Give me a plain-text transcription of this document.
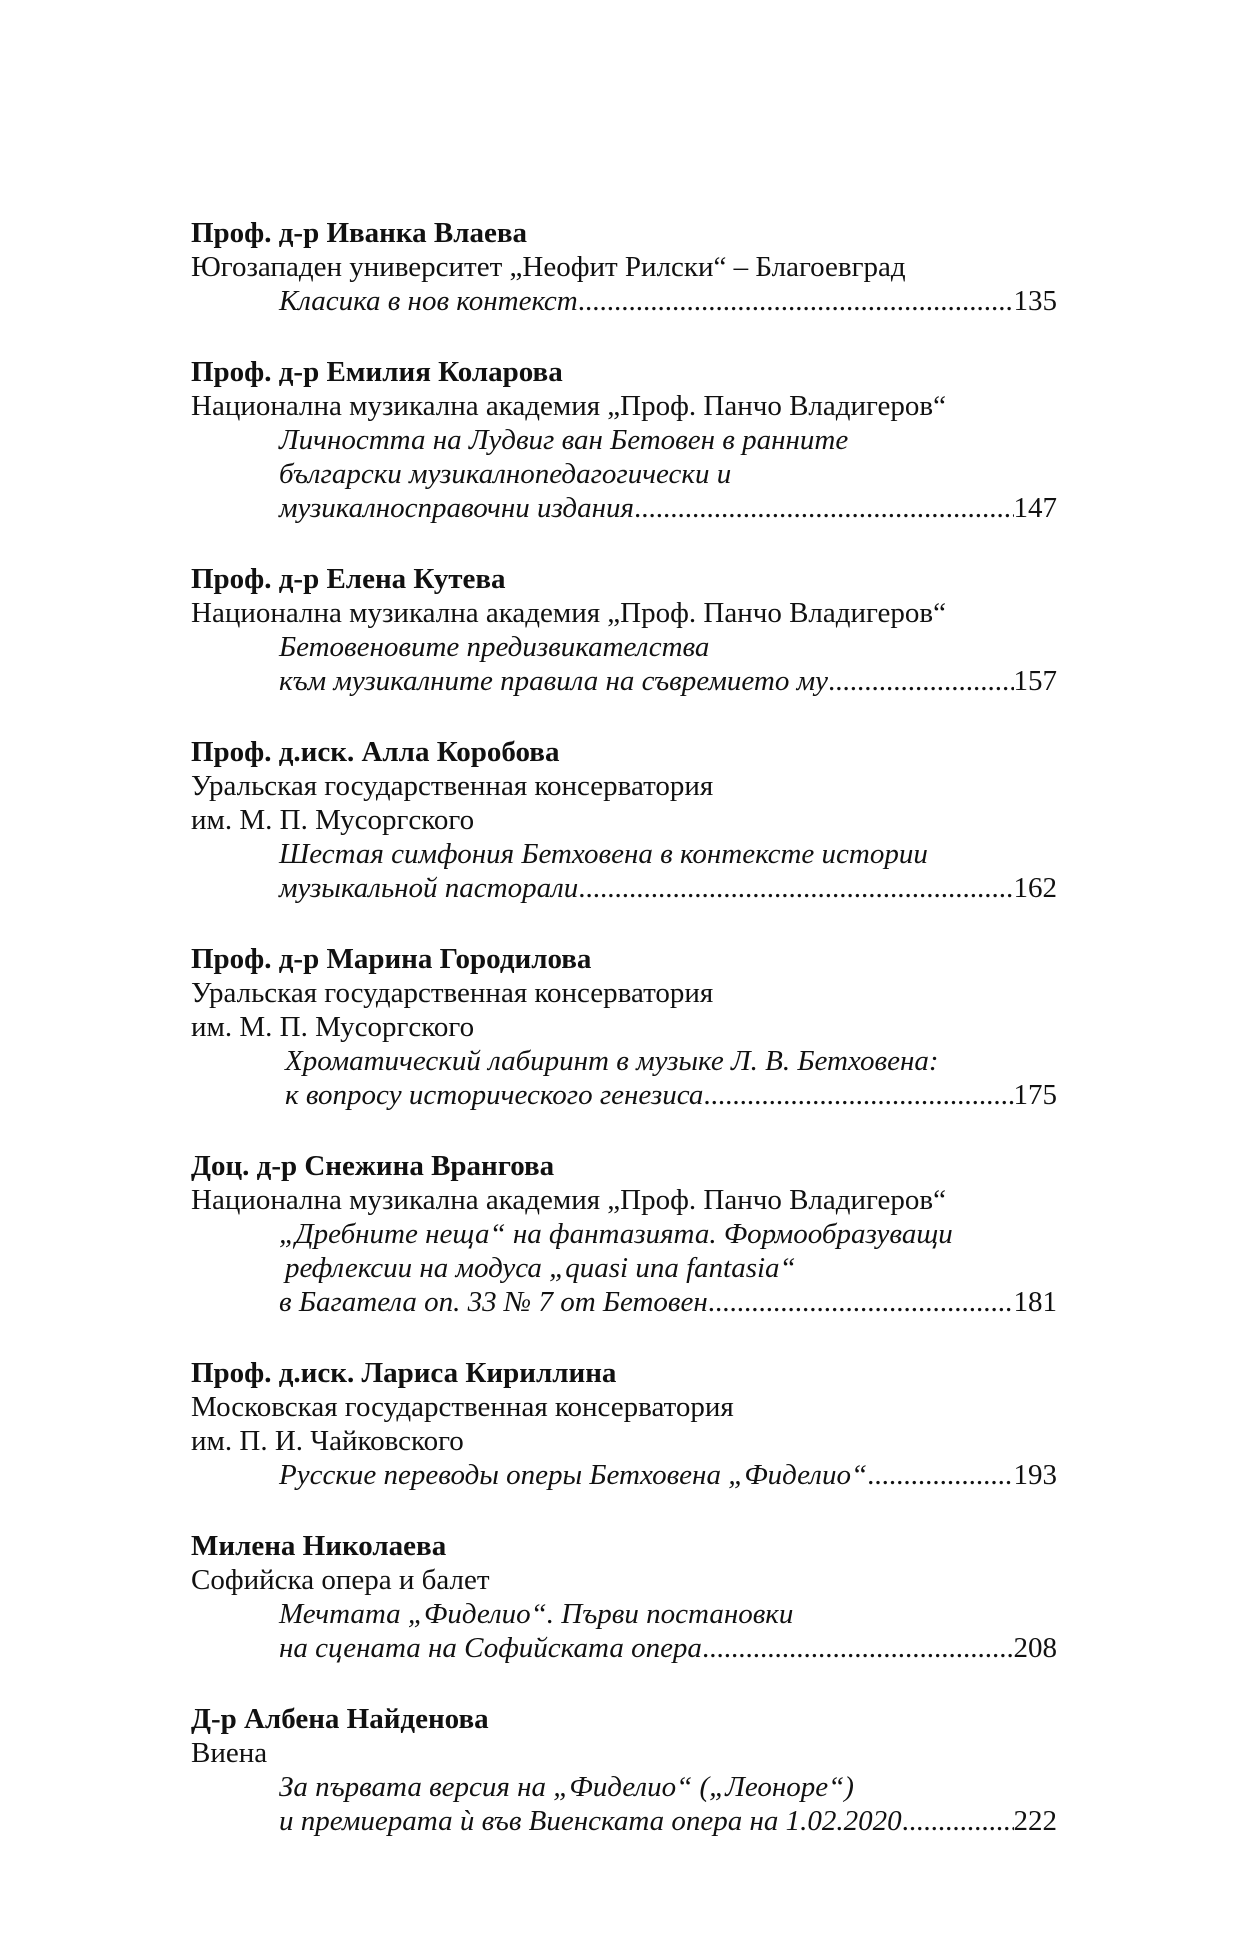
Проф. д-р Иванка Влаева
Югозападен университет „Неофит Рилски“ – Благоевград
Класика в нов контекст .....	135
Проф. д-р Емилия Коларова
Национална музикална академия „Проф. Панчо Владигеров“
Личността на Лудвиг ван Бетовен в ранните
български музикалнопедагогически и
музикалносправочни издания .....	147
Проф. д-р Елена Кутева
Национална музикална академия „Проф. Панчо Владигеров“
Бетовеновите предизвикателства
към музикалните правила на съвремието му .....	157
Проф. д.иск. Алла Коробова
Уральская государственная консерватория
им. М. П. Мусоргского
Шестая симфония Бетховена в контексте истории
музыкальной пасторали .....	162
Проф. д-р Марина Городилова
Уральская государственная консерватория
им. М. П. Мусоргского
Хроматический лабиринт в музыке Л. В. Бетховена:
к вопросу исторического генезиса .....	175
Доц. д-р Снежина Врангова
Национална музикална академия „Проф. Панчо Владигеров“
„Дребните неща“ на фантазията. Формообразуващи
рефлексии на модуса „quasi una fantasia“
в Багатела оп. 33 № 7 от Бетовен .....	181
Проф. д.иск. Лариса Кириллина
Московская государственная консерватория
им. П. И. Чайковского
Русские переводы оперы Бетховена „Фиделио“ .....	193
Милена Николаева
Софийска опера и балет
Мечтата „Фиделио“. Първи постановки
на сцената на Софийската опера .....	208
Д-р Албена Найденова
Виена
За първата версия на „Фиделио“ („Леоноре“)
и премиерата ѝ във Виенската опера на 1.02.2020 .....	222
